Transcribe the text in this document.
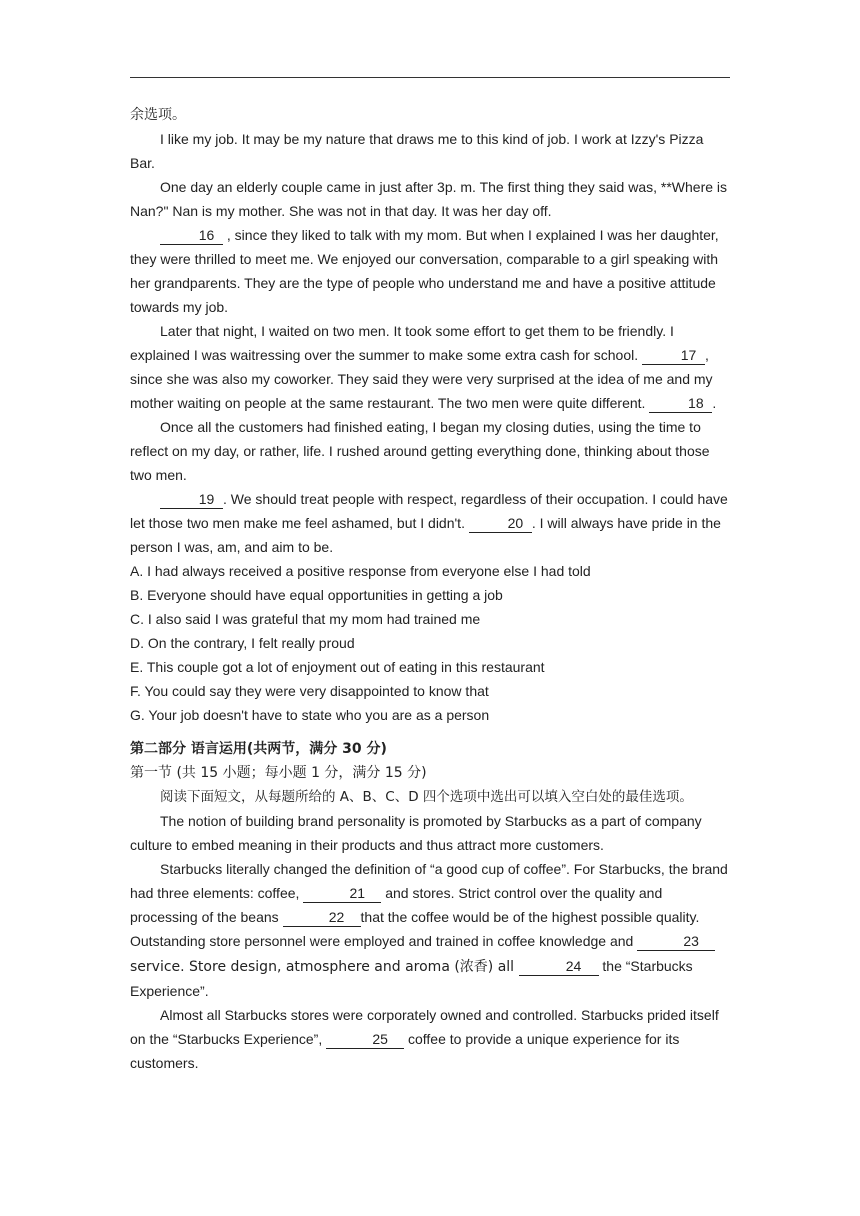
余选项。

I like my job. It may be my nature that draws me to this kind of job. I work at Izzy's Pizza Bar.

One day an elderly couple came in just after 3p. m. The first thing they said was, **Where is Nan?" Nan is my mother. She was not in that day. It was her day off.

16 , since they liked to talk with my mom. But when I explained I was her daughter, they were thrilled to meet me. We enjoyed our conversation, comparable to a girl speaking with her grandparents. They are the type of people who understand me and have a positive attitude towards my job.

Later that night, I waited on two men. It took some effort to get them to be friendly. I explained I was waitressing over the summer to make some extra cash for school.	17 , since she was also my coworker. They said they were very surprised at the idea of me and my mother waiting on people at the same restaurant. The two men were quite different.	18 .

Once all the customers had finished eating, I began my closing duties, using the time to reflect on my day, or rather, life. I rushed around getting everything done, thinking about those two men.

19 . We should treat people with respect, regardless of their occupation. I could have let those two men make me feel ashamed, but I didn't.	20 . I will always have pride in the person I was, am, and aim to be.

A. I had always received a positive response from everyone else I had told

B. Everyone should have equal opportunities in getting a job

C. I also said I was grateful that my mom had trained me

D. On the contrary, I felt really proud

E. This couple got a lot of enjoyment out of eating in this restaurant

F. You could say they were very disappointed to know that

G. Your job doesn't have to state who you are as a person

第二部分 语言运用(共两节，满分 30 分)

第一节 (共 15 小题；每小题 1 分，满分 15 分)

阅读下面短文，从每题所给的 A、B、C、D 四个选项中选出可以填入空白处的最佳选项。

The notion of building brand personality is promoted by Starbucks as a part of company culture to embed meaning in their products and thus attract more customers.

Starbucks literally changed the definition of “a good cup of coffee”. For Starbucks, the brand had three elements: coffee,	21 and stores. Strict control over the quality and processing of the beans	22 that the coffee would be of the highest possible quality. Outstanding store personnel were employed and trained in coffee knowledge and	23 service. Store design, atmosphere and aroma (浓香) all	24 the “Starbucks Experience”.

Almost all Starbucks stores were corporately owned and controlled. Starbucks prided itself on the “Starbucks Experience”,	25 coffee to provide a unique experience for its customers.
